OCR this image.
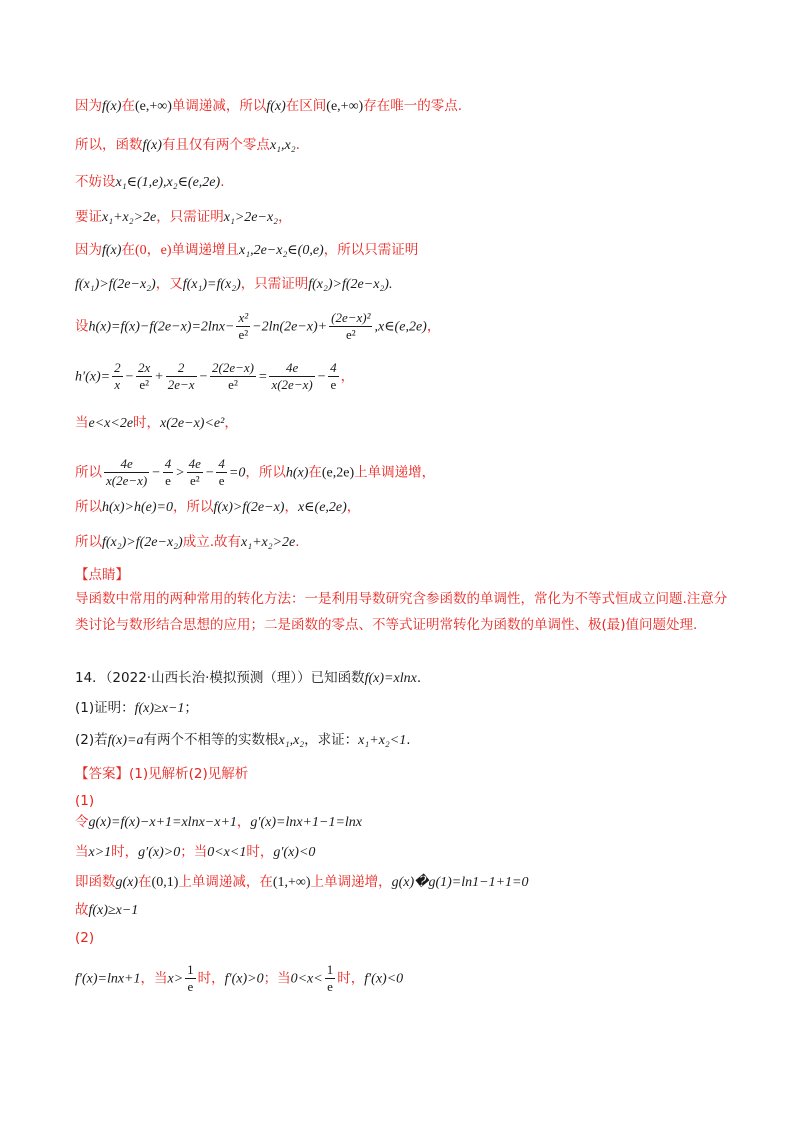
因为f(x)在(e,+∞)单调递减，所以f(x)在区间(e,+∞)存在唯一的零点.
所以，函数f(x)有且仅有两个零点x₁,x₂.
不妨设x₁∈(1,e),x₂∈(e,2e).
要证x₁+x₂>2e，只需证明x₁>2e−x₂，
因为f(x)在(0，e)单调递增且x₁,2e−x₂∈(0,e)，所以只需证明
f(x₁)>f(2e−x₂)，又f(x₁)=f(x₂)，只需证明f(x₂)>f(2e−x₂).
设$h(x)=f(x)-f(2e-x)=2\ln x- \frac{\text{x²}}{\text{e²}} -2\ln(2e-x)+ \frac{\text{(2e−x)²}}{\text{e²}}$ ,x∈(e,2e)，
$h'(x)= \frac{2}{x} - \frac{2x}{\text{e²}} + \frac{2}{2e-x} - \frac{2(2e-x)}{\text{e²}} = \frac{4e}{x(2e-x)} - \frac{4}{e}$ ，
当e<x<2e时，x(2e−x)<e²，
所以 $\frac{4e}{x(2e-x)} - \frac{4}{e} > \frac{4e}{\text{e²}} - \frac{4}{e} =0$，所以h(x)在(e,2e)上单调递增，
所以h(x)>h(e)=0，所以f(x)>f(2e−x)，x∈(e,2e)，
所以f(x₂)>f(2e−x₂)成立.故有x₁+x₂>2e.
【点睛】
导函数中常用的两种常用的转化方法：一是利用导数研究含参函数的单调性，常化为不等式恒成立问题.注意分类讨论与数形结合思想的应用；二是函数的零点、不等式证明常转化为函数的单调性、极(最)值问题处理.
14．（2022·山西长治·模拟预测（理））已知函数f(x)=xlnx.
(1)证明：f(x)≥x−1；
(2)若f(x)=a有两个不相等的实数根x₁,x₂，求证：x₁+x₂<1.
【答案】(1)见解析(2)见解析
(1)
令g(x)=f(x)−x+1=xlnx−x+1，g′(x)=lnx+1−1=lnx
当x>1时，g′(x)>0；当0<x<1时，g′(x)<0
即函数g(x)在(0,1)上单调递减，在(1,+∞)上单调递增，g(x)�g(1)=ln1−1+1=0
故f(x)≥x−1
(2)
f′(x)=lnx+1，当$x> \frac{1}{e}$ 时，f′(x)>0；当$0<x< \frac{1}{e}$ 时，f′(x)<0
